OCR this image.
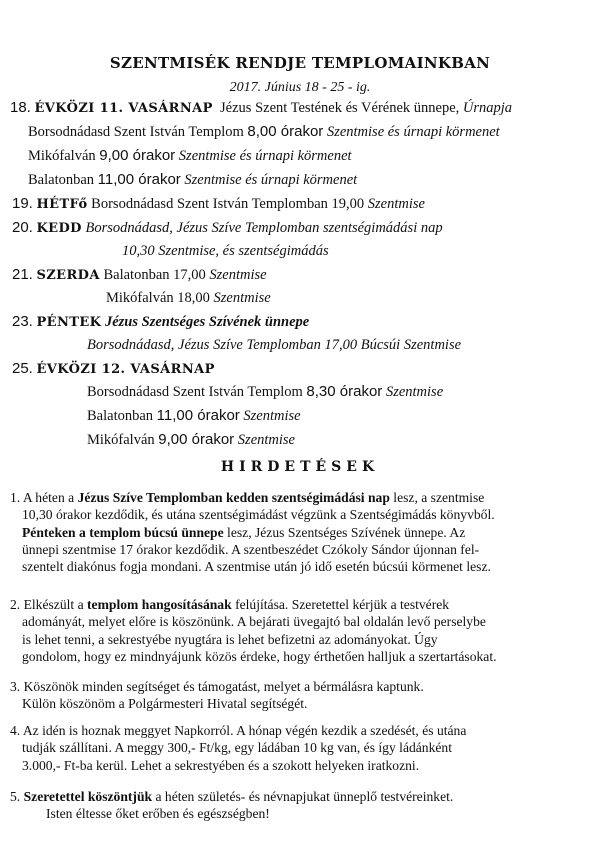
SZENTMISÉK RENDJE TEMPLOMAINKBAN
2017. Június 18 - 25 - ig.
18. ÉVKÖZI 11. VASÁRNAP Jézus Szent Testének és Vérének ünnepe, Úrnapja
Borsodnádasd Szent István Templom 8,00 órakor Szentmise és úrnapi körmenet
Mikófalván 9,00 órakor Szentmise és úrnapi körmenet
Balatonban 11,00 órakor Szentmise és úrnapi körmenet
19. HÉTFő Borsodnádasd Szent István Templomban 19,00 Szentmise
20. KEDD Borsodnádasd, Jézus Szíve Templomban szentségimádási nap
10,30 Szentmise, és szentségimádás
21. SZERDA Balatonban 17,00 Szentmise
Mikófalván 18,00 Szentmise
23. PÉNTEK Jézus Szentséges Szívének ünnepe
Borsodnádasd, Jézus Szíve Templomban 17,00 Búcsúi Szentmise
25. ÉVKÖZI 12. VASÁRNAP
Borsodnádasd Szent István Templom 8,30 órakor Szentmise
Balatonban 11,00 órakor Szentmise
Mikófalván 9,00 órakor Szentmise
HIRDETÉSEK
1. A héten a Jézus Szíve Templomban kedden szentségimádási nap lesz, a szentmise
10,30 órakor kezdődik, és utána szentségimádást végzünk a Szentségimádás könyvből.
Pénteken a templom búcsú ünnepe lesz, Jézus Szentséges Szívének ünnepe. Az
ünnepi szentmise 17 órakor kezdődik. A szentbeszédet Czókoly Sándor újonnan fel-
szentelt diakónus fogja mondani. A szentmise után jó idő esetén búcsúi körmenet lesz.
2. Elkészült a templom hangosításának felújítása. Szeretettel kérjük a testvérek
adományát, melyet előre is köszönünk. A bejárati üvegajtó bal oldalán levő perselybe
is lehet tenni, a sekrestyébe nyugtára is lehet befizetni az adományokat. Úgy
gondolom, hogy ez mindnyájunk közös érdeke, hogy érthetően halljuk a szertartásokat.
3. Köszönök minden segítséget és támogatást, melyet a bérmálásra kaptunk.
Külön köszönöm a Polgármesteri Hivatal segítségét.
4. Az idén is hoznak meggyet Napkorról. A hónap végén kezdik a szedését, és utána
tudják szállítani. A meggy 300,- Ft/kg, egy ládában 10 kg van, és így ládánként
3.000,- Ft-ba kerül. Lehet a sekrestyében és a szokott helyeken iratkozni.
5. Szeretettel köszöntjük a héten születés- és névnapjukat ünneplő testvéreinket.
Isten éltesse őket erőben és egészségben!
